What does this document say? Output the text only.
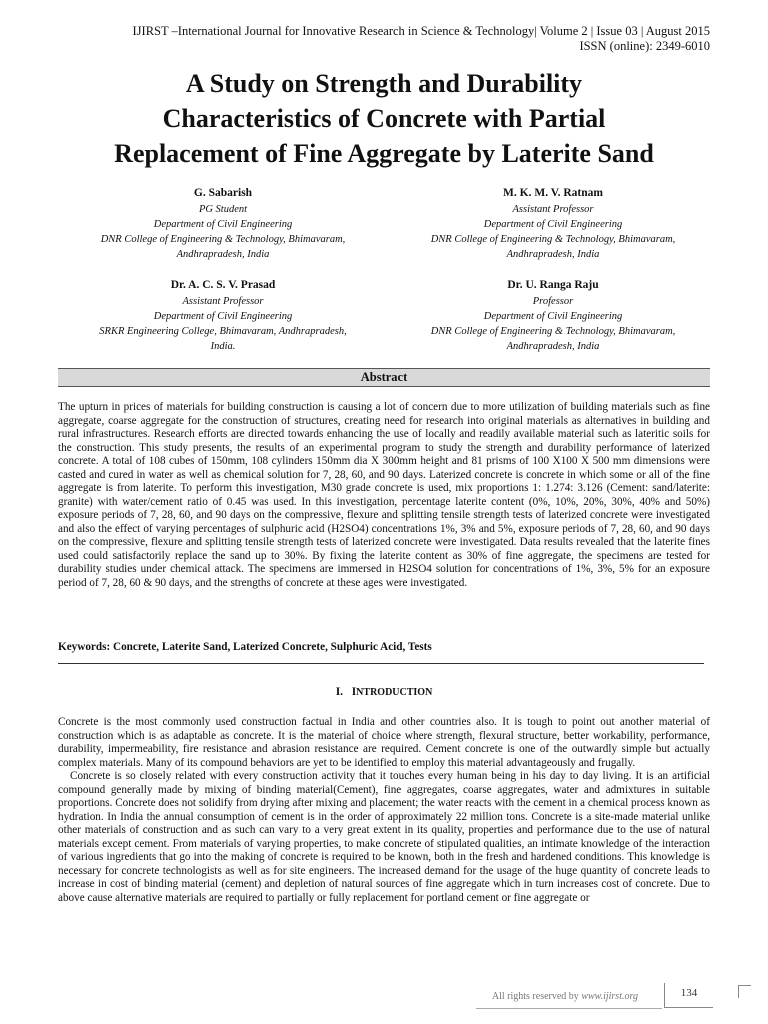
IJIRST –International Journal for Innovative Research in Science & Technology| Volume 2 | Issue 03 | August 2015
ISSN (online): 2349-6010
A Study on Strength and Durability
Characteristics of Concrete with Partial
Replacement of Fine Aggregate by Laterite Sand
G. Sabarish
PG Student
Department of Civil Engineering
DNR College of Engineering & Technology, Bhimavaram,
Andhrapradesh, India
M. K. M. V. Ratnam
Assistant Professor
Department of Civil Engineering
DNR College of Engineering & Technology, Bhimavaram,
Andhrapradesh, India
Dr. A. C. S. V. Prasad
Assistant Professor
Department of Civil Engineering
SRKR Engineering College, Bhimavaram, Andhrapradesh,
India.
Dr. U. Ranga Raju
Professor
Department of Civil Engineering
DNR College of Engineering & Technology, Bhimavaram,
Andhrapradesh, India
Abstract
The upturn in prices of materials for building construction is causing a lot of concern due to more utilization of building materials such as fine aggregate, coarse aggregate for the construction of structures, creating need for research into original materials as alternatives in building and rural infrastructures. Research efforts are directed towards enhancing the use of locally and readily available material such as lateritic soils for the construction. This study presents, the results of an experimental program to study the strength and durability performance of laterized concrete. A total of 108 cubes of 150mm, 108 cylinders 150mm dia X 300mm height and 81 prisms of 100 X100 X 500 mm dimensions were casted and cured in water as well as chemical solution for 7, 28, 60, and 90 days. Laterized concrete is concrete in which some or all of the fine aggregate is from laterite. To perform this investigation, M30 grade concrete is used, mix proportions 1: 1.274: 3.126 (Cement: sand/laterite: granite) with water/cement ratio of 0.45 was used. In this investigation, percentage laterite content (0%, 10%, 20%, 30%, 40% and 50%) exposure periods of 7, 28, 60, and 90 days on the compressive, flexure and splitting tensile strength tests of laterized concrete were investigated and also the effect of varying percentages of sulphuric acid (H2SO4) concentrations 1%, 3% and 5%, exposure periods of 7, 28, 60, and 90 days on the compressive, flexure and splitting tensile strength tests of laterized concrete were investigated. Data results revealed that the laterite fines used could satisfactorily replace the sand up to 30%. By fixing the laterite content as 30% of fine aggregate, the specimens are tested for durability studies under chemical attack. The specimens are immersed in H2SO4 solution for concentrations of 1%, 3%, 5% for an exposure period of 7, 28, 60 & 90 days, and the strengths of concrete at these ages were investigated.
Keywords: Concrete, Laterite Sand, Laterized Concrete, Sulphuric Acid, Tests
I. INTRODUCTION

Concrete is the most commonly used construction factual in India and other countries also. It is tough to point out another material of construction which is as adaptable as concrete. It is the material of choice where strength, flexural structure, better workability, performance, durability, impermeability, fire resistance and abrasion resistance are required. Cement concrete is one of the outwardly simple but actually complex materials. Many of its compound behaviors are yet to be identified to employ this material advantageously and frugally.

Concrete is so closely related with every construction activity that it touches every human being in his day to day living. It is an artificial compound generally made by mixing of binding material(Cement), fine aggregates, coarse aggregates, water and admixtures in suitable proportions. Concrete does not solidify from drying after mixing and placement; the water reacts with the cement in a chemical process known as hydration. In India the annual consumption of cement is in the order of approximately 22 million tons. Concrete is a site-made material unlike other materials of construction and as such can vary to a very great extent in its quality, properties and performance due to the use of natural materials except cement. From materials of varying properties, to make concrete of stipulated qualities, an intimate knowledge of the interaction of various ingredients that go into the making of concrete is required to be known, both in the fresh and hardened conditions. This knowledge is necessary for concrete technologists as well as for site engineers. The increased demand for the usage of the huge quantity of concrete leads to increase in cost of binding material (cement) and depletion of natural sources of fine aggregate which in turn increases cost of concrete. Due to above cause alternative materials are required to partially or fully replacement for portland cement or fine aggregate or

All rights reserved by www.ijirst.org	134
